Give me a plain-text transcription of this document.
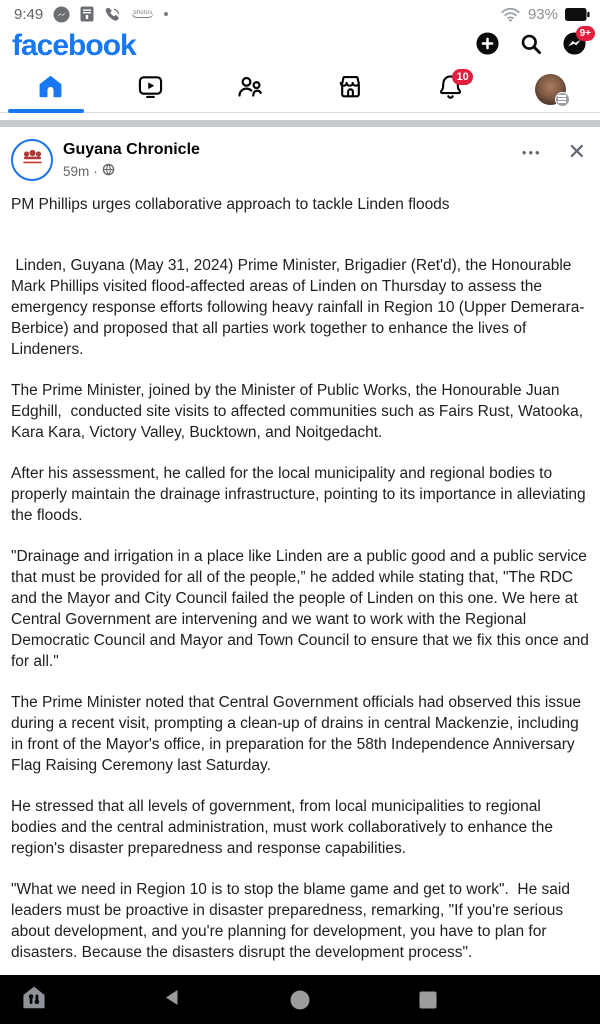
9:49	photos	93%
facebook	9+
10
Guyana Chronicle
59m ·
••• ✕
PM Phillips urges collaborative approach to tackle Linden floods

Linden, Guyana (May 31, 2024) Prime Minister, Brigadier (Ret'd), the Honourable Mark Phillips visited flood-affected areas of Linden on Thursday to assess the emergency response efforts following heavy rainfall in Region 10 (Upper Demerara-Berbice) and proposed that all parties work together to enhance the lives of Lindeners.

The Prime Minister, joined by the Minister of Public Works, the Honourable Juan Edghill,  conducted site visits to affected communities such as Fairs Rust, Watooka, Kara Kara, Victory Valley, Bucktown, and Noitgedacht.

After his assessment, he called for the local municipality and regional bodies to properly maintain the drainage infrastructure, pointing to its importance in alleviating the floods.

"Drainage and irrigation in a place like Linden are a public good and a public service that must be provided for all of the people,” he added while stating that, "The RDC and the Mayor and City Council failed the people of Linden on this one. We here at Central Government are intervening and we want to work with the Regional Democratic Council and Mayor and Town Council to ensure that we fix this once and for all."

The Prime Minister noted that Central Government officials had observed this issue during a recent visit, prompting a clean-up of drains in central Mackenzie, including in front of the Mayor's office, in preparation for the 58th Independence Anniversary Flag Raising Ceremony last Saturday.

He stressed that all levels of government, from local municipalities to regional bodies and the central administration, must work collaboratively to enhance the region's disaster preparedness and response capabilities.

"What we need in Region 10 is to stop the blame game and get to work".  He said leaders must be proactive in disaster preparedness, remarking, "If you're serious about development, and you're planning for development, you have to plan for disasters. Because the disasters disrupt the development process".
